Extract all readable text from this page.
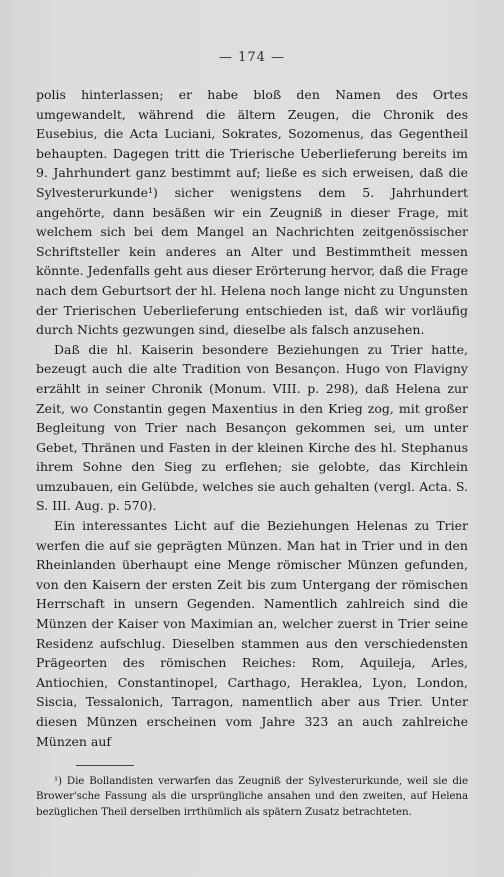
— 174 —

polis hinterlassen; er habe bloß den Namen des Ortes umgewandelt, während die ältern Zeugen, die Chronik des Eusebius, die Acta Luciani, Sokrates, Sozomenus, das Gegentheil behaupten. Dagegen tritt die Trierische Ueberlieferung bereits im 9. Jahrhundert ganz bestimmt auf; ließe es sich erweisen, daß die Sylvesterurkunde¹) sicher wenigstens dem 5. Jahrhundert angehörte, dann besäßen wir ein Zeugniß in dieser Frage, mit welchem sich bei dem Mangel an Nachrichten zeitgenössischer Schriftsteller kein anderes an Alter und Bestimmtheit messen könnte. Jedenfalls geht aus dieser Erörterung hervor, daß die Frage nach dem Geburtsort der hl. Helena noch lange nicht zu Ungunsten der Trierischen Ueberlieferung entschieden ist, daß wir vorläufig durch Nichts gezwungen sind, dieselbe als falsch anzusehen.

Daß die hl. Kaiserin besondere Beziehungen zu Trier hatte, bezeugt auch die alte Tradition von Besançon. Hugo von Flavigny erzählt in seiner Chronik (Monum. VIII. p. 298), daß Helena zur Zeit, wo Constantin gegen Maxentius in den Krieg zog, mit großer Begleitung von Trier nach Besançon gekommen sei, um unter Gebet, Thränen und Fasten in der kleinen Kirche des hl. Stephanus ihrem Sohne den Sieg zu erflehen; sie gelobte, das Kirchlein umzubauen, ein Gelübde, welches sie auch gehalten (vergl. Acta. S. S. III. Aug. p. 570).

Ein interessantes Licht auf die Beziehungen Helenas zu Trier werfen die auf sie geprägten Münzen. Man hat in Trier und in den Rheinlanden überhaupt eine Menge römischer Münzen gefunden, von den Kaisern der ersten Zeit bis zum Untergang der römischen Herrschaft in unsern Gegenden. Namentlich zahlreich sind die Münzen der Kaiser von Maximian an, welcher zuerst in Trier seine Residenz aufschlug. Dieselben stammen aus den verschiedensten Prägeorten des römischen Reiches: Rom, Aquileja, Arles, Antiochien, Constantinopel, Carthago, Heraklea, Lyon, London, Siscia, Tessalonich, Tarragon, namentlich aber aus Trier. Unter diesen Münzen erscheinen vom Jahre 323 an auch zahlreiche Münzen auf

¹) Die Bollandisten verwarfen das Zeugniß der Sylvesterurkunde, weil sie die Brower'sche Fassung als die ursprüngliche ansahen und den zweiten, auf Helena bezüglichen Theil derselben irrthümlich als spätern Zusatz betrachteten.
